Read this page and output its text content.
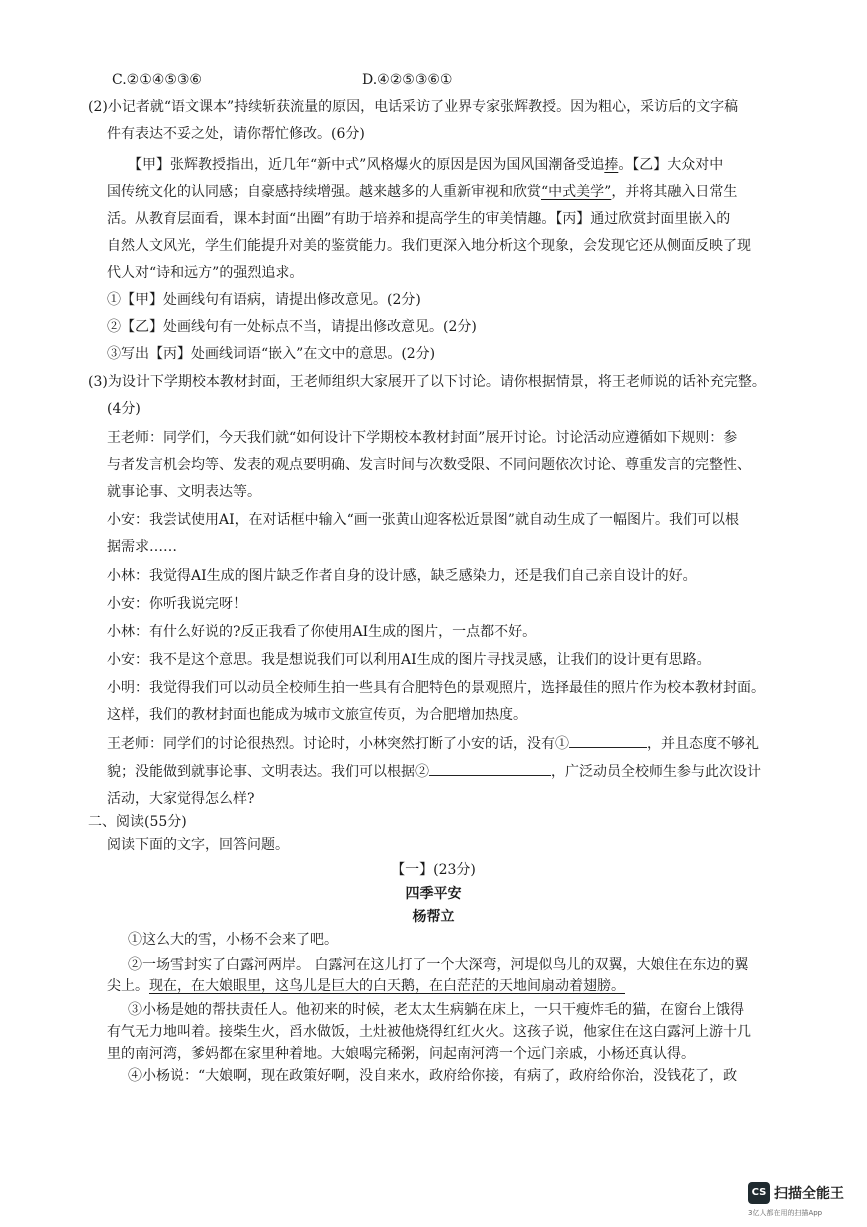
C.②①④⑤③⑥	D.④②⑤③⑥①
(2)小记者就“语文课本”持续斩获流量的原因，电话采访了业界专家张辉教授。因为粗心，采访后的文字稿
件有表达不妥之处，请你帮忙修改。(6分)
【甲】张辉教授指出，近几年“新中式”风格爆火的原因是因为国风国潮备受追捧。【乙】大众对中
国传统文化的认同感；自豪感持续增强。越来越多的人重新审视和欣赏“中式美学”，并将其融入日常生
活。从教育层面看，课本封面“出圈”有助于培养和提高学生的审美情趣。【丙】通过欣赏封面里嵌入的
自然人文风光，学生们能提升对美的鉴赏能力。我们更深入地分析这个现象，会发现它还从侧面反映了现
代人对“诗和远方”的强烈追求。
①【甲】处画线句有语病，请提出修改意见。(2分)
②【乙】处画线句有一处标点不当，请提出修改意见。(2分)
③写出【丙】处画线词语“嵌入”在文中的意思。(2分)
(3)为设计下学期校本教材封面，王老师组织大家展开了以下讨论。请你根据情景，将王老师说的话补充完整。
(4分)
王老师：同学们，今天我们就“如何设计下学期校本教材封面”展开讨论。讨论活动应遵循如下规则：参
与者发言机会均等、发表的观点要明确、发言时间与次数受限、不同问题依次讨论、尊重发言的完整性、
就事论事、文明表达等。
小安：我尝试使用AI，在对话框中输入“画一张黄山迎客松近景图”就自动生成了一幅图片。我们可以根
据需求……
小林：我觉得AI生成的图片缺乏作者自身的设计感，缺乏感染力，还是我们自己亲自设计的好。
小安：你听我说完呀！
小林：有什么好说的?反正我看了你使用AI生成的图片，一点都不好。
小安：我不是这个意思。我是想说我们可以利用AI生成的图片寻找灵感，让我们的设计更有思路。
小明：我觉得我们可以动员全校师生拍一些具有合肥特色的景观照片，选择最佳的照片作为校本教材封面。
这样，我们的教材封面也能成为城市文旅宣传页，为合肥增加热度。
王老师：同学们的讨论很热烈。讨论时，小林突然打断了小安的话，没有①	，并且态度不够礼
貌；没能做到就事论事、文明表达。我们可以根据②	，广泛动员全校师生参与此次设计
活动，大家觉得怎么样?
二、阅读(55分)
阅读下面的文字，回答问题。
【一】(23分)
四季平安
杨帮立
①这么大的雪，小杨不会来了吧。
②一场雪封实了白露河两岸。 白露河在这儿打了一个大深弯，河堤似鸟儿的双翼，大娘住在东边的翼
尖上。现在，在大娘眼里，这鸟儿是巨大的白天鹅，在白茫茫的天地间扇动着翅膀。
③小杨是她的帮扶责任人。他初来的时候，老太太生病躺在床上，一只干瘦炸毛的猫，在窗台上饿得
有气无力地叫着。接柴生火，舀水做饭，土灶被他烧得红红火火。这孩子说，他家住在这白露河上游十几
里的南河湾，爹妈都在家里种着地。大娘喝完稀粥，问起南河湾一个远门亲戚，小杨还真认得。
④小杨说：“大娘啊，现在政策好啊，没自来水，政府给你接，有病了，政府给你治，没钱花了，政
CS 扫描全能王
3亿人都在用的扫描App
